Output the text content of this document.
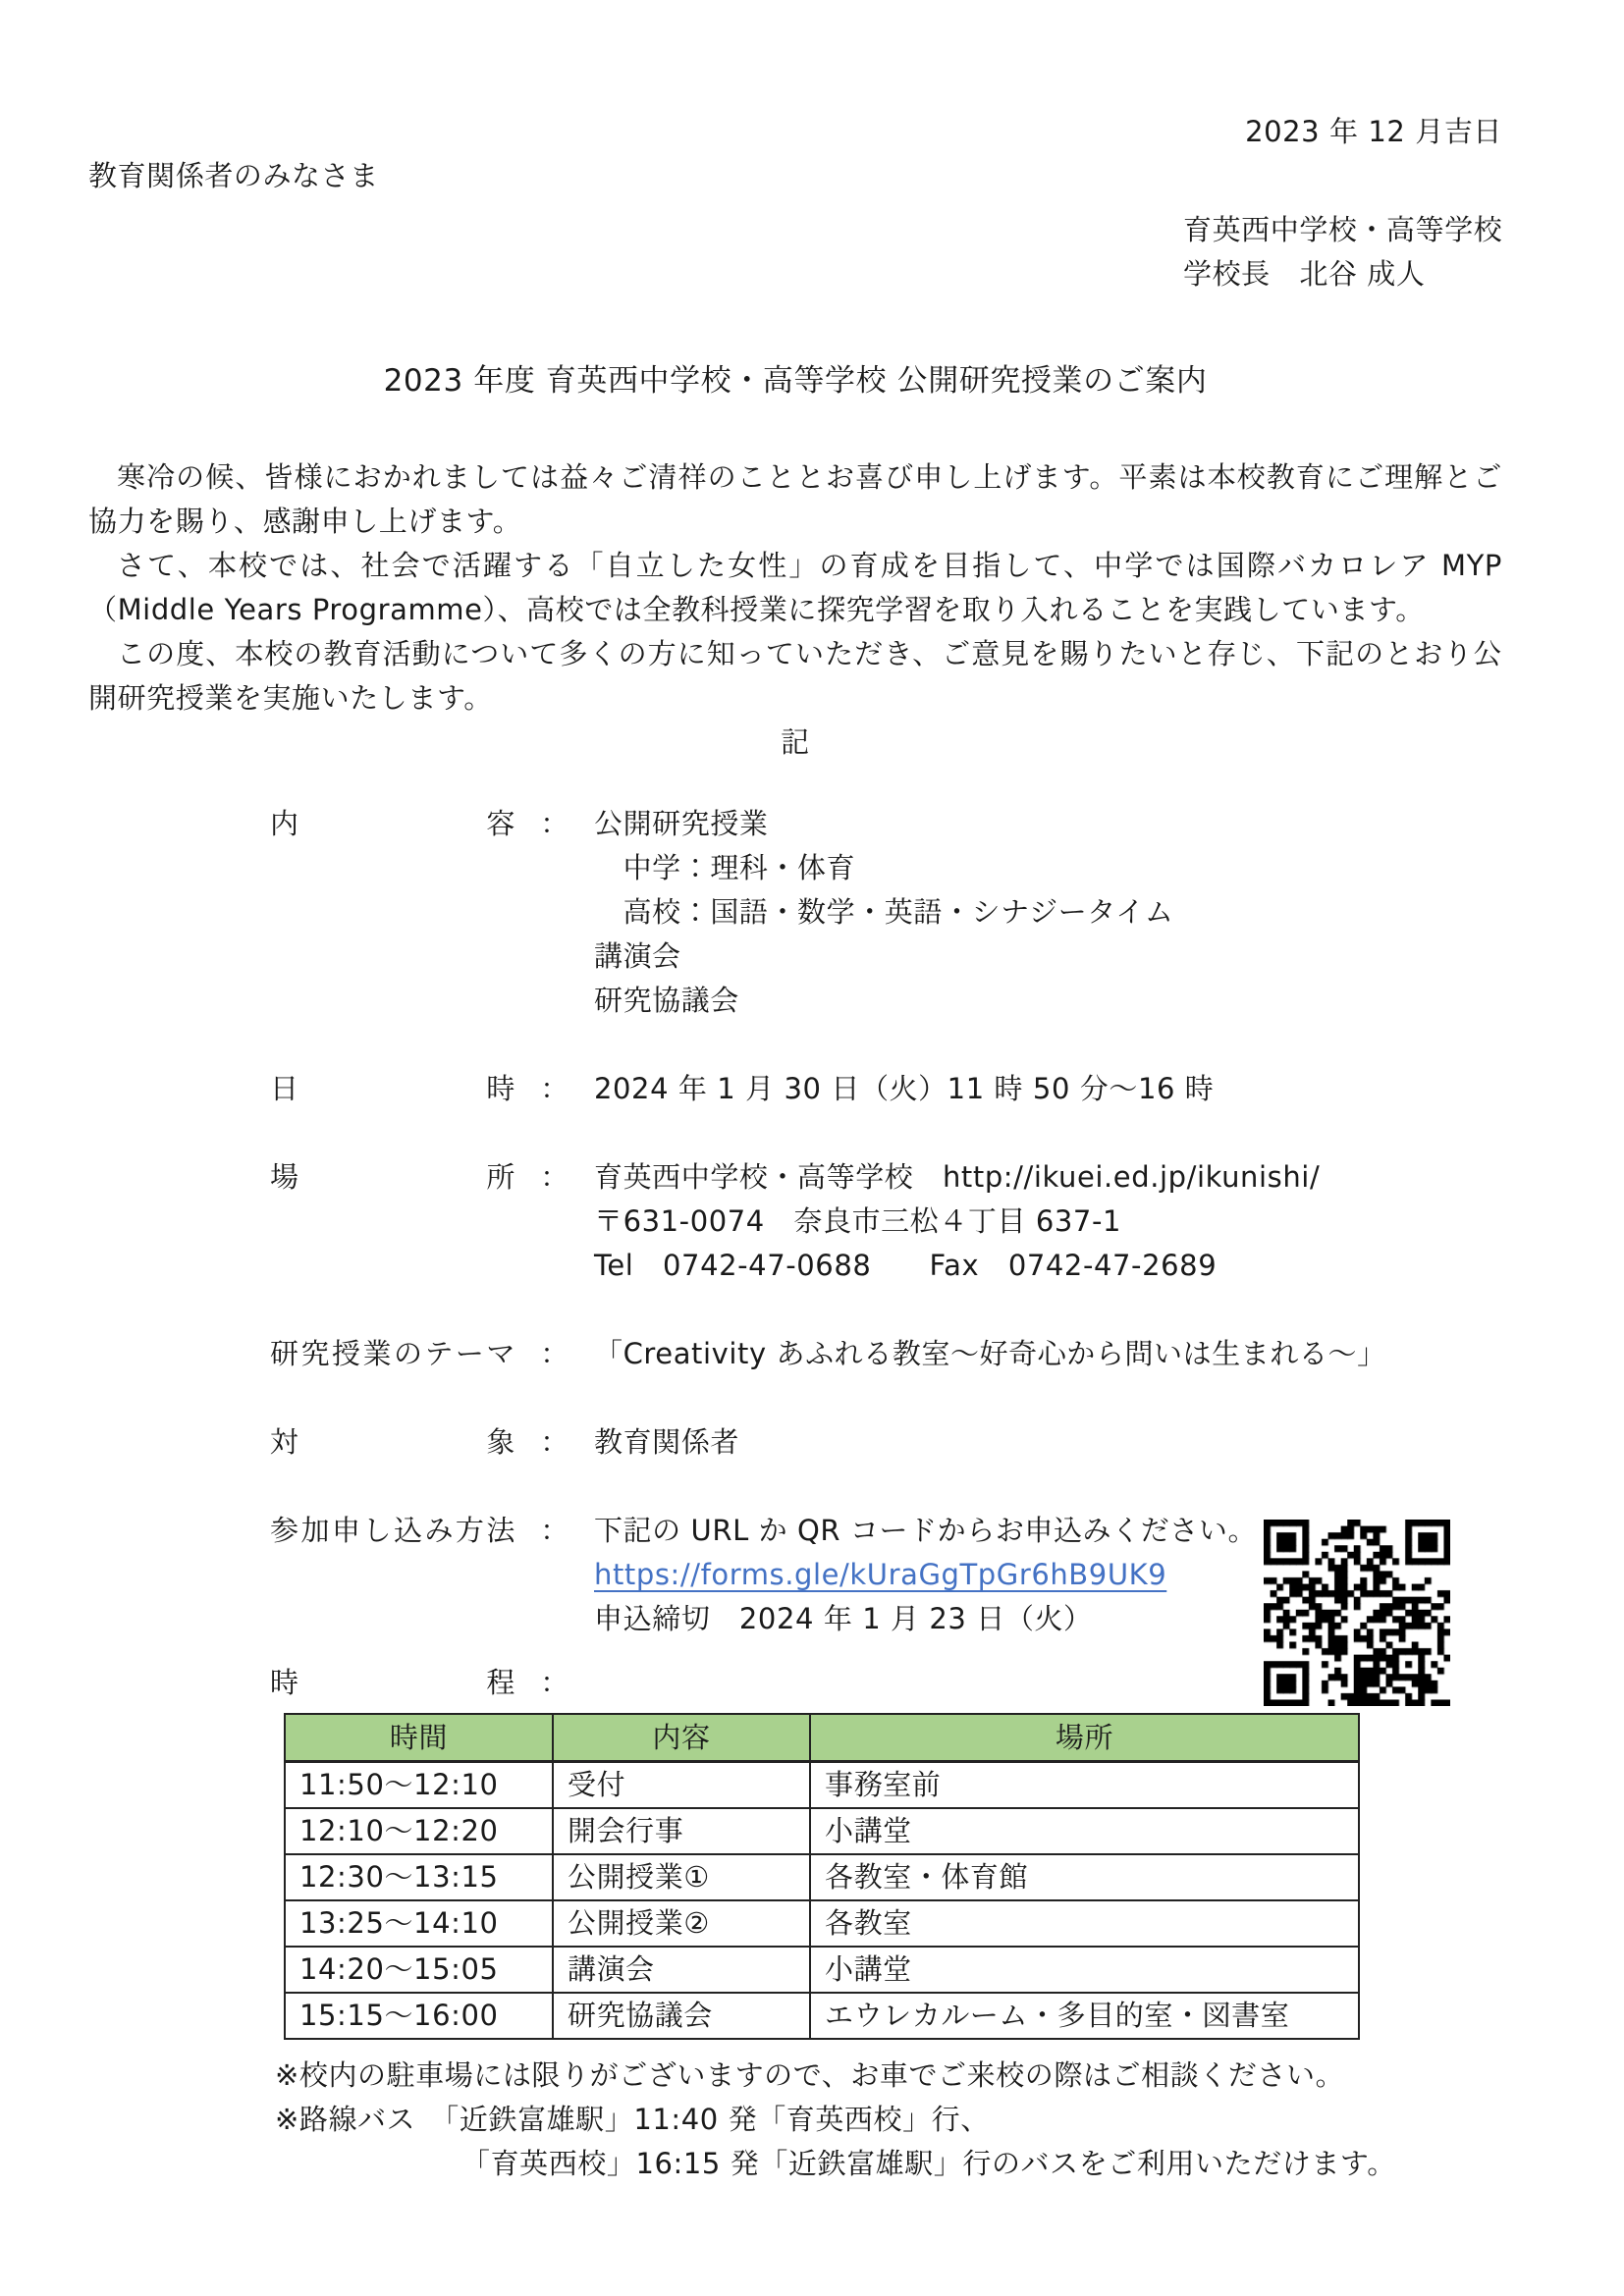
2023 年 12 月吉日
教育関係者のみなさま
育英西中学校・高等学校
学校長　北谷 成人
2023 年度 育英西中学校・高等学校 公開研究授業のご案内

寒冷の候、皆様におかれましては益々ご清祥のこととお喜び申し上げます。平素は本校教育にご理解とご協力を賜り、感謝申し上げます。

さて、本校では、社会で活躍する「自立した女性」の育成を目指して、中学では国際バカロレア MYP（Middle Years Programme）、高校では全教科授業に探究学習を取り入れることを実践しています。

この度、本校の教育活動について多くの方に知っていただき、ご意見を賜りたいと存じ、下記のとおり公開研究授業を実施いたします。

記
内容 ： 公開研究授業
　中学：理科・体育
　高校：国語・数学・英語・シナジータイム
講演会
研究協議会
日時 ： 2024 年 1 月 30 日（火）11 時 50 分～16 時
場所 ： 育英西中学校・高等学校　http://ikuei.ed.jp/ikunishi/
〒631-0074　奈良市三松４丁目 637-1
Tel　0742-47-0688　　Fax　0742-47-2689
研究授業のテーマ ： 「Creativity あふれる教室～好奇心から問いは生まれる～」
対象 ： 教育関係者
参加申し込み方法 ： 下記の URL か QR コードからお申込みください。
https://forms.gle/kUraGgTpGr6hB9UK9
申込締切　2024 年 1 月 23 日（火）
時程 ：
時間	内容	場所
11:50～12:10	受付	事務室前
12:10～12:20	開会行事	小講堂
12:30～13:15	公開授業①	各教室・体育館
13:25～14:10	公開授業②	各教室
14:20～15:05	講演会	小講堂
15:15～16:00	研究協議会	エウレカルーム・多目的室・図書室
※校内の駐車場には限りがございますので、お車でご来校の際はご相談ください。
※路線バス　「近鉄富雄駅」11:40 発「育英西校」行、
「育英西校」16:15 発「近鉄富雄駅」行のバスをご利用いただけます。
